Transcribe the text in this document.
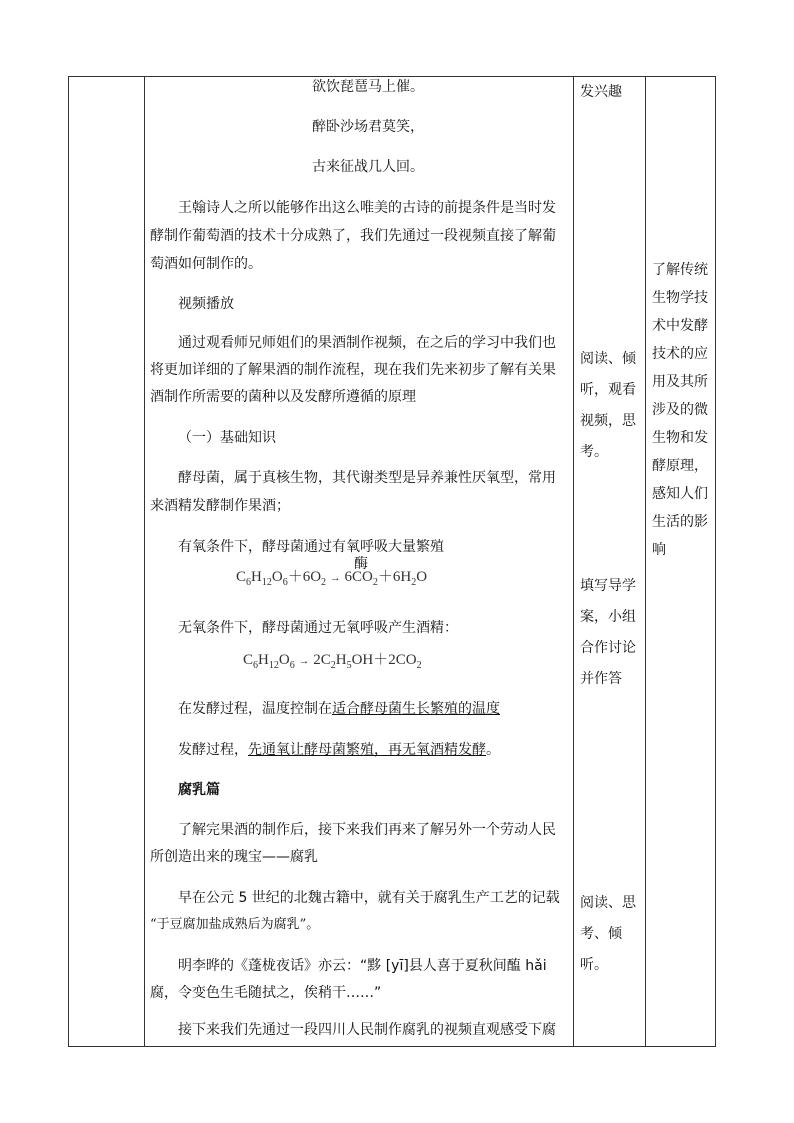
欲饮琵琶马上催。
醉卧沙场君莫笑，
古来征战几人回。
王翰诗人之所以能够作出这么唯美的古诗的前提条件是当时发
酵制作葡萄酒的技术十分成熟了，我们先通过一段视频直接了解葡
萄酒如何制作的。
视频播放
通过观看师兄师姐们的果酒制作视频，在之后的学习中我们也
将更加详细的了解果酒的制作流程，现在我们先来初步了解有关果
酒制作所需要的菌种以及发酵所遵循的原理
（一）基础知识
酵母菌，属于真核生物，其代谢类型是异养兼性厌氧型，常用
来酒精发酵制作果酒；
有氧条件下，酵母菌通过有氧呼吸大量繁殖
酶
$C_6H_{12}O_6+6O_2 \to 6CO_2+6H_2O$
无氧条件下，酵母菌通过无氧呼吸产生酒精：
$C_6H_{12}O_6 \to 2C_2H_5OH+2CO_2$
在发酵过程，温度控制在适合酵母菌生长繁殖的温度
发酵过程，先通氧让酵母菌繁殖，再无氧酒精发酵。
腐乳篇
了解完果酒的制作后，接下来我们再来了解另外一个劳动人民
所创造出来的瑰宝——腐乳
早在公元 5 世纪的北魏古籍中，就有关于腐乳生产工艺的记载
“于豆腐加盐成熟后为腐乳”。
明李晔的《蓬栊夜话》亦云：“黟 [yī]县人喜于夏秋间醢 hǎi
腐，令变色生毛随拭之，俟稍干……”
接下来我们先通过一段四川人民制作腐乳的视频直观感受下腐
发兴趣
阅读、倾
听，观看
视频，思
考。
填写导学
案，小组
合作讨论
并作答
阅读、思
考、倾
听。
了解传统
生物学技
术中发酵
技术的应
用及其所
涉及的微
生物和发
酵原理，
感知人们
生活的影
响
